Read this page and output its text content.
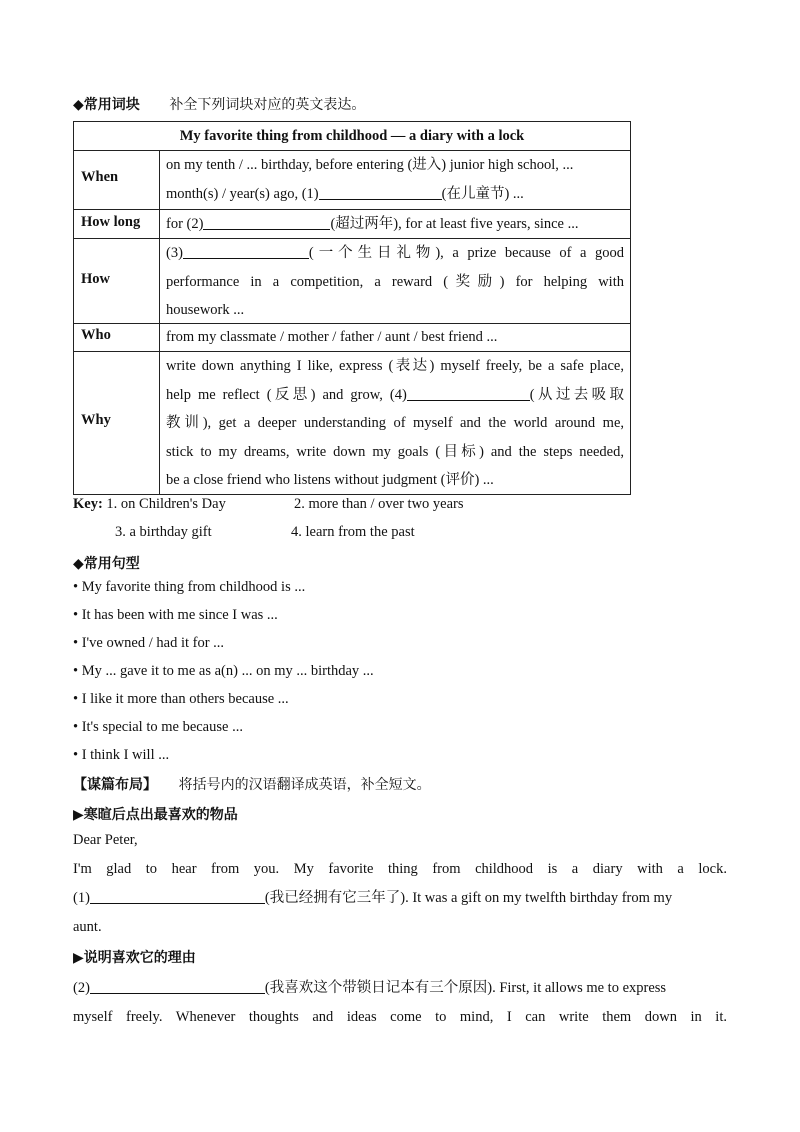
◆常用词块 补全下列词块对应的英文表达。
My favorite thing from childhood — a diary with a lock
When
on my tenth / ... birthday, before entering (进入) junior high school, ...
month(s) / year(s) ago, (1)	(在儿童节) ...
How long for (2)	(超过两年), for at least five years, since ...
How
(3)	(一个生日礼物), a prize because of a good
performance in a competition, a reward (奖励) for helping with
housework ...
Who	from my classmate / mother / father / aunt / best friend ...
Why
write down anything I like, express (表达) myself freely, be a safe place,
help me reflect (反思) and grow, (4)	(从过去吸取
教训), get a deeper understanding of myself and the world around me,
stick to my dreams, write down my goals (目标) and the steps needed,
be a close friend who listens without judgment (评价) ...
Key: 1. on Children's Day	2. more than / over two years
3. a birthday gift	4. learn from the past
◆常用句型
• My favorite thing from childhood is ...
• It has been with me since I was ...
• I've owned / had it for ...
• My ... gave it to me as a(n) ... on my ... birthday ...
• I like it more than others because ...
• It's special to me because ...
• I think I will ...
【谋篇布局】 将括号内的汉语翻译成英语，补全短文。
▶寒暄后点出最喜欢的物品
Dear Peter,
I'm glad to hear from you. My favorite thing from childhood is a diary with a lock.
(1)	(我已经拥有它三年了). It was a gift on my twelfth birthday from my
aunt.
▶说明喜欢它的理由
(2)	(我喜欢这个带锁日记本有三个原因). First, it allows me to express
myself freely. Whenever thoughts and ideas come to mind, I can write them down in it.
